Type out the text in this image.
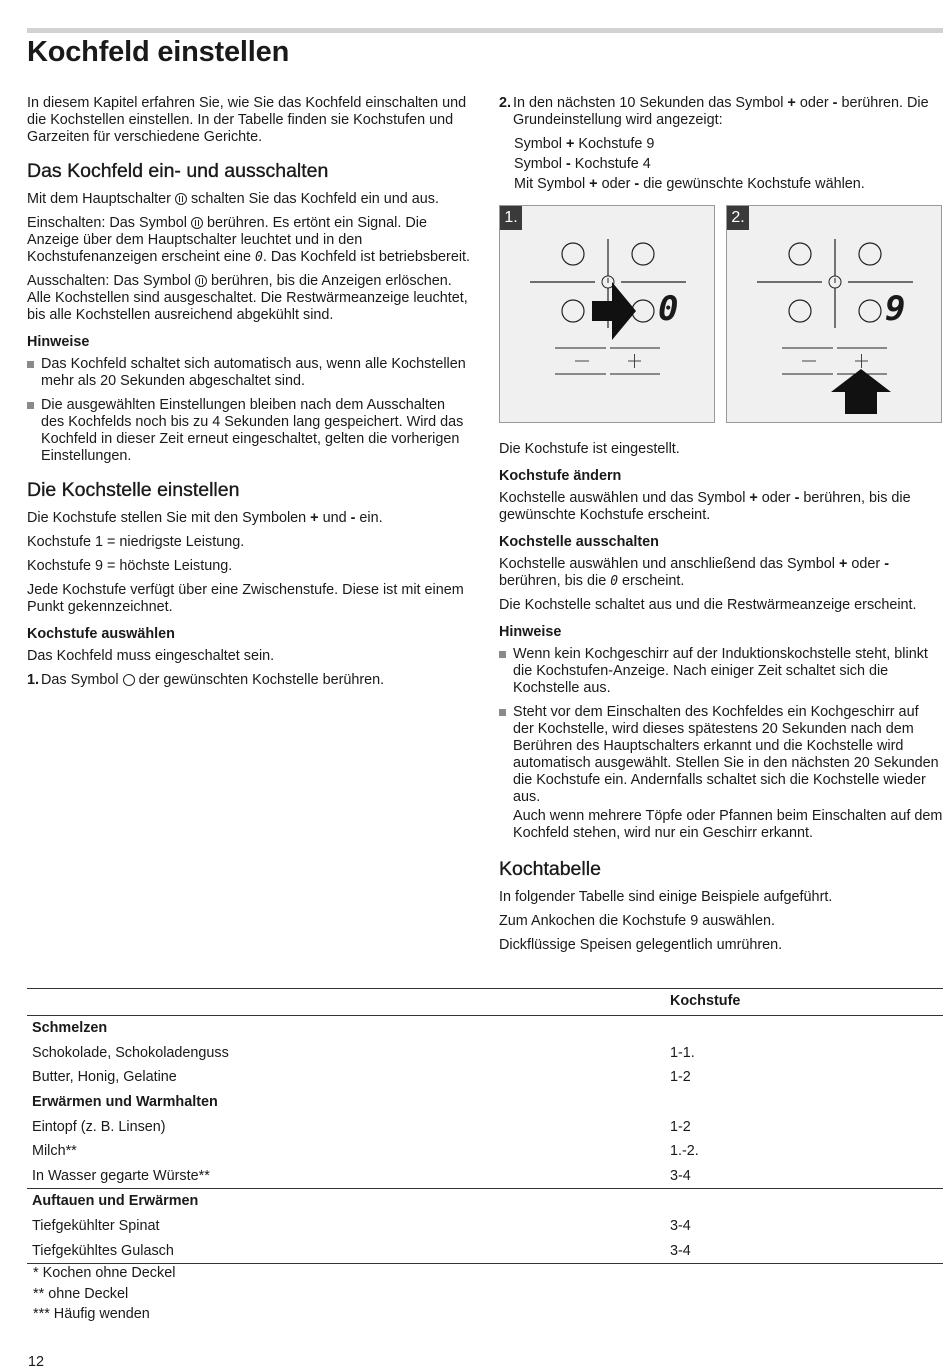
Kochfeld einstellen

In diesem Kapitel erfahren Sie, wie Sie das Kochfeld einschalten und die Kochstellen einstellen. In der Tabelle finden sie Kochstufen und Garzeiten für verschiedene Gerichte.

Das Kochfeld ein- und ausschalten

Mit dem Hauptschalter schalten Sie das Kochfeld ein und aus.

Einschalten: Das Symbol berühren. Es ertönt ein Signal. Die Anzeige über dem Hauptschalter leuchtet und in den Kochstufenanzeigen erscheint eine 0. Das Kochfeld ist betriebsbereit.

Ausschalten: Das Symbol berühren, bis die Anzeigen erlöschen. Alle Kochstellen sind ausgeschaltet. Die Restwärmeanzeige leuchtet, bis alle Kochstellen ausreichend abgekühlt sind.

Hinweise
Das Kochfeld schaltet sich automatisch aus, wenn alle Kochstellen mehr als 20 Sekunden abgeschaltet sind.
Die ausgewählten Einstellungen bleiben nach dem Ausschalten des Kochfelds noch bis zu 4 Sekunden lang gespeichert. Wird das Kochfeld in dieser Zeit erneut eingeschaltet, gelten die vorherigen Einstellungen.
Die Kochstelle einstellen

Die Kochstufe stellen Sie mit den Symbolen + und - ein.

Kochstufe 1 = niedrigste Leistung.

Kochstufe 9 = höchste Leistung.

Jede Kochstufe verfügt über eine Zwischenstufe. Diese ist mit einem Punkt gekennzeichnet.

Kochstufe auswählen

Das Kochfeld muss eingeschaltet sein.

1. Das Symbol der gewünschten Kochstelle berühren.

2. In den nächsten 10 Sekunden das Symbol + oder - berühren. Die Grundeinstellung wird angezeigt:

Symbol + Kochstufe 9

Symbol - Kochstufe 4

Mit Symbol + oder - die gewünschte Kochstufe wählen.

1.
0
2.
9

Die Kochstufe ist eingestellt.

Kochstufe ändern

Kochstelle auswählen und das Symbol + oder - berühren, bis die gewünschte Kochstufe erscheint.

Kochstelle ausschalten

Kochstelle auswählen und anschließend das Symbol + oder - berühren, bis die 0 erscheint.

Die Kochstelle schaltet aus und die Restwärmeanzeige erscheint.

Hinweise
Wenn kein Kochgeschirr auf der Induktionskochstelle steht, blinkt die Kochstufen-Anzeige. Nach einiger Zeit schaltet sich die Kochstelle aus.
Steht vor dem Einschalten des Kochfeldes ein Kochgeschirr auf der Kochstelle, wird dieses spätestens 20 Sekunden nach dem Berühren des Hauptschalters erkannt und die Kochstelle wird automatisch ausgewählt. Stellen Sie in den nächsten 20 Sekunden die Kochstufe ein. Andernfalls schaltet sich die Kochstelle wieder aus.

Auch wenn mehrere Töpfe oder Pfannen beim Einschalten auf dem Kochfeld stehen, wird nur ein Geschirr erkannt.

Kochtabelle

In folgender Tabelle sind einige Beispiele aufgeführt.

Zum Ankochen die Kochstufe 9 auswählen.

Dickflüssige Speisen gelegentlich umrühren.

	Kochstufe
Schmelzen	
Schokolade, Schokoladenguss	1-1.
Butter, Honig, Gelatine	1-2
Erwärmen und Warmhalten	
Eintopf (z. B. Linsen)	1-2
Milch**	1.-2.
In Wasser gegarte Würste**	3-4
Auftauen und Erwärmen	
Tiefgekühlter Spinat	3-4
Tiefgekühltes Gulasch	3-4
* Kochen ohne Deckel
** ohne Deckel
*** Häufig wenden
12
